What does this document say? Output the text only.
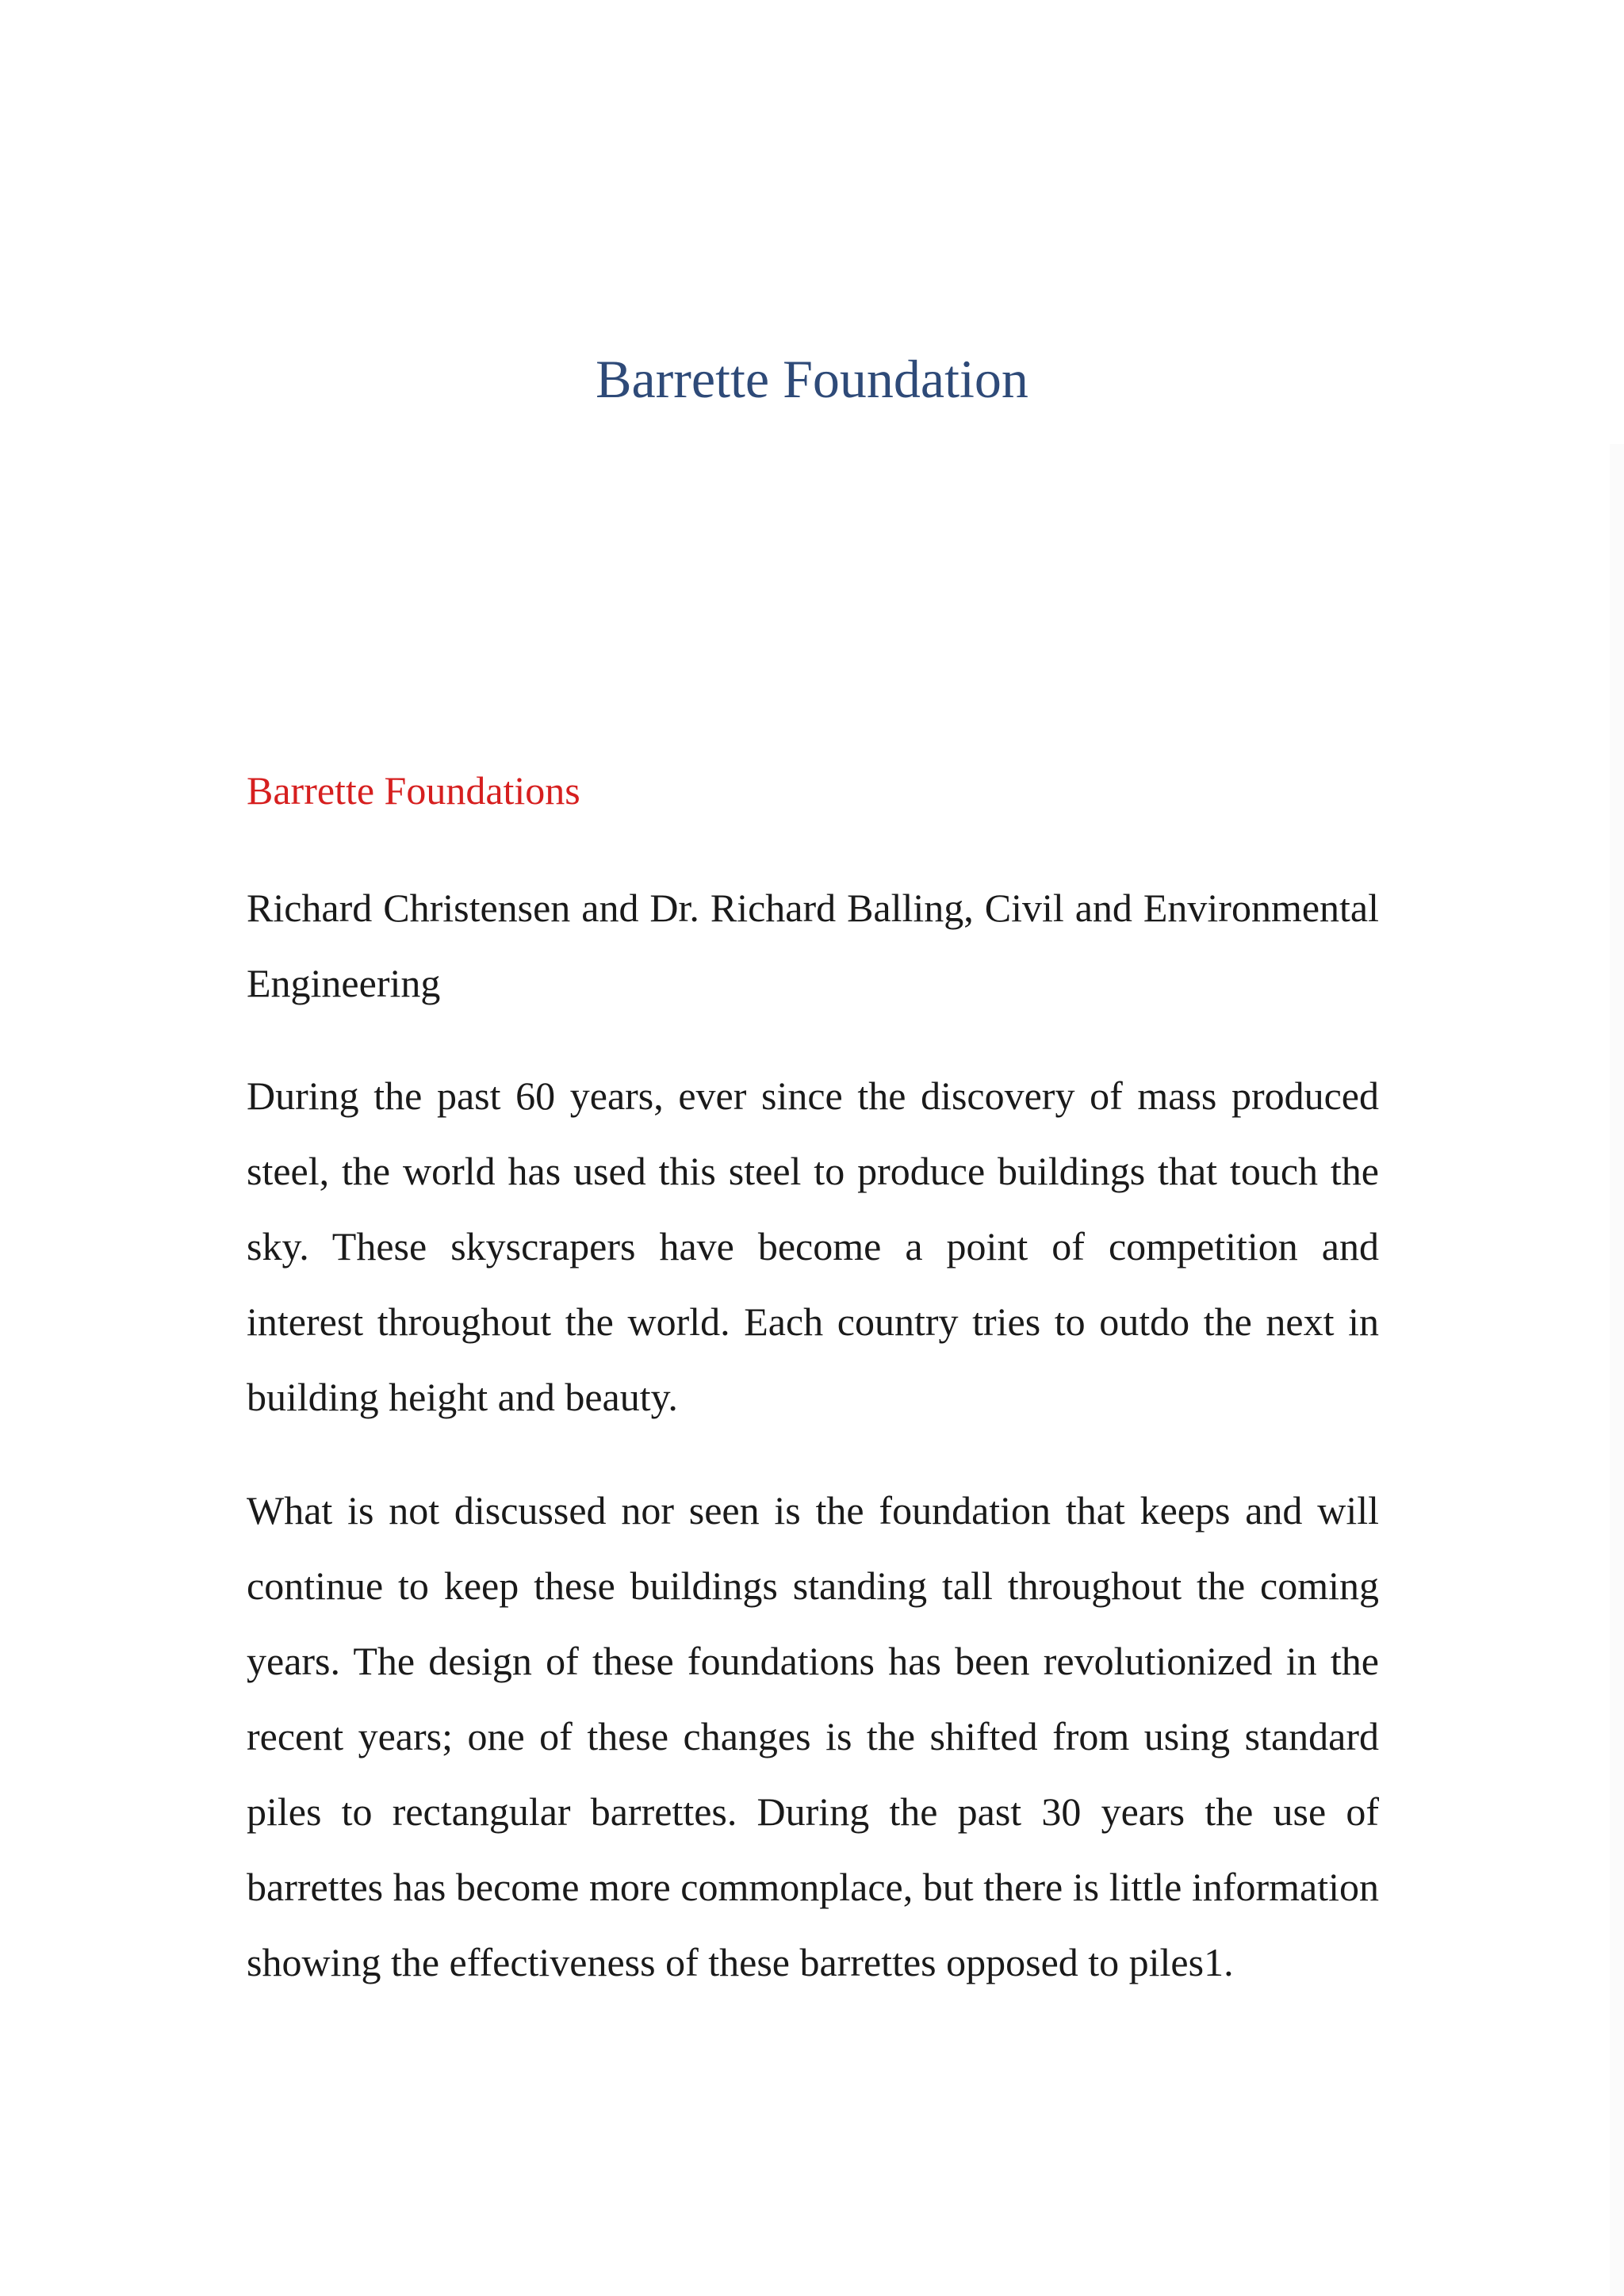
Barrette Foundation
Barrette Foundations

Richard Christensen and Dr. Richard Balling, Civil and Environmental Engineering

During the past 60 years, ever since the discovery of mass produced steel, the world has used this steel to produce buildings that touch the sky. These skyscrapers have become a point of competition and interest throughout the world. Each country tries to outdo the next in building height and beauty.

What is not discussed nor seen is the foundation that keeps and will continue to keep these buildings standing tall throughout the coming years. The design of these foundations has been revolutionized in the recent years; one of these changes is the shifted from using standard piles to rectangular barrettes. During the past 30 years the use of barrettes has become more commonplace, but there is little information showing the effectiveness of these barrettes opposed to piles1.
